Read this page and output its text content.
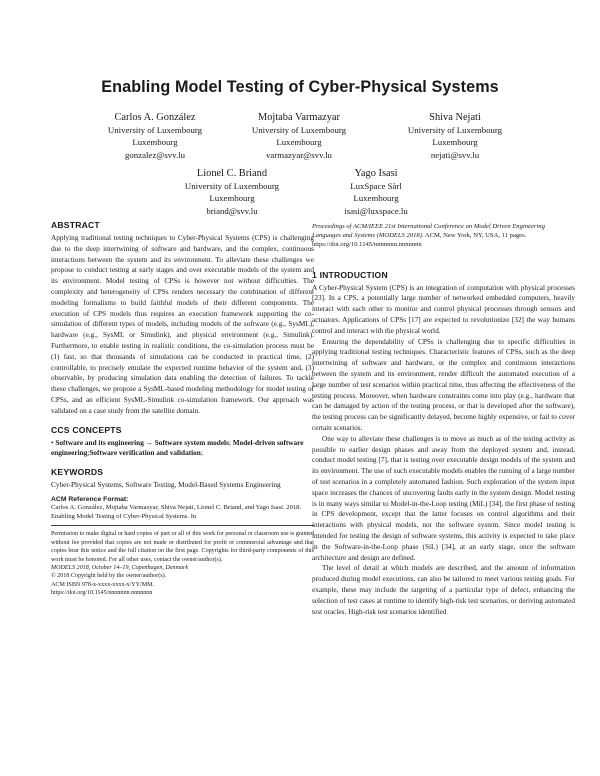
Enabling Model Testing of Cyber-Physical Systems
Carlos A. González
University of Luxembourg
Luxembourg
gonzalez@svv.lu
Mojtaba Varmazyar
University of Luxembourg
Luxembourg
varmazyar@svv.lu
Shiva Nejati
University of Luxembourg
Luxembourg
nejati@svv.lu
Lionel C. Briand
University of Luxembourg
Luxembourg
briand@svv.lu
Yago Isasi
LuxSpace Sàrl
Luxembourg
isasi@luxspace.lu
ABSTRACT

Applying traditional testing techniques to Cyber-Physical Systems (CPS) is challenging due to the deep intertwining of software and hardware, and the complex, continuous interactions between the system and its environment. To alleviate these challenges we propose to conduct testing at early stages and over executable models of the system and its environment. Model testing of CPSs is however not without difficulties. The complexity and heterogeneity of CPSs renders necessary the combination of different modeling formalisms to build faithful models of their different components. The execution of CPS models thus requires an execution framework supporting the co-simulation of different types of models, including models of the software (e.g., SysML), hardware (e.g., SysML or Simulink), and physical environment (e.g., Simulink). Furthermore, to enable testing in realistic conditions, the co-simulation process must be (1) fast, so that thousands of simulations can be conducted in practical time, (2) controllable, to precisely emulate the expected runtime behavior of the system and, (3) observable, by producing simulation data enabling the detection of failures. To tackle these challenges, we propose a SysML-based modeling methodology for model testing of CPSs, and an efficient SysML-Simulink co-simulation framework. Our approach was validated on a case study from the satellite domain.

CCS CONCEPTS

• Software and its engineering → Software system models; Model-driven software engineering;Software verification and validation;

KEYWORDS

Cyber-Physical Systems, Software Testing, Model-Based Systems Engineering

ACM Reference Format:

Carlos A. González, Mojtaba Varmazyar, Shiva Nejati, Lionel C. Briand, and Yago Isasi. 2018. Enabling Model Testing of Cyber-Physical Systems. In

Permission to make digital or hard copies of part or all of this work for personal or classroom use is granted without fee provided that copies are not made or distributed for profit or commercial advantage and that copies bear this notice and the full citation on the first page. Copyrights for third-party components of this work must be honored. For all other uses, contact the owner/author(s).

MODELS 2018, October 14–19, Copenhagen, Denmark

© 2018 Copyright held by the owner/author(s).

ACM ISBN 978-x-xxxx-xxxx-x/YY/MM.

https://doi.org/10.1145/nnnnnnn.nnnnnnn

Proceedings of ACM/IEEE 21st International Conference on Model Driven Engineering Languages and Systems (MODELS 2018). ACM, New York, NY, USA, 11 pages. https://doi.org/10.1145/nnnnnnn.nnnnnnn

1 INTRODUCTION

A Cyber-Physical System (CPS) is an integration of computation with physical processes [23]. In a CPS, a potentially large number of networked embedded computers, heavily interact with each other to monitor and control physical processes through sensors and actuators. Applications of CPSs [17] are expected to revolutionize [32] the way humans control and interact with the physical world.

Ensuring the dependability of CPSs is challenging due to specific difficulties in applying traditional testing techniques. Characteristic features of CPSs, such as the deep intertwining of software and hardware, or the complex and continuous interactions between the system and its environment, render difficult the automated execution of a large number of test scenarios within practical time, thus affecting the effectiveness of the testing process. Moreover, when hardware constraints come into play (e.g., hardware that can be damaged by action of the testing process, or that is developed after the software), the testing process can be significantly delayed, become highly expensive, or fail to cover certain scenarios.

One way to alleviate these challenges is to move as much as of the testing activity as possible to earlier design phases and away from the deployed system and, instead, conduct model testing [7], that is testing over executable design models of the system and its environment. The use of such executable models enables the running of a large number of test scenarios in a completely automated fashion. Such exploration of the system input space increases the chances of uncovering faults early in the system design. Model testing is in many ways similar to Model-in-the-Loop testing (MiL) [34], the first phase of testing in CPS development, except that the latter focuses on control algorithms and their interactions with physical models, not the software system. Since model testing is intended for testing the design of software systems, this activity is expected to take place in the Software-in-the-Loop phase (SiL) [34], at an early stage, once the software architecture and design are defined.

The level of detail at which models are described, and the amount of information produced during model executions, can also be tailored to meet various testing goals. For example, these may include the targeting of a particular type of defect, enhancing the selection of test cases at runtime to identify high-risk test scenarios, or deriving automated test oracles. High-risk test scenarios identified
